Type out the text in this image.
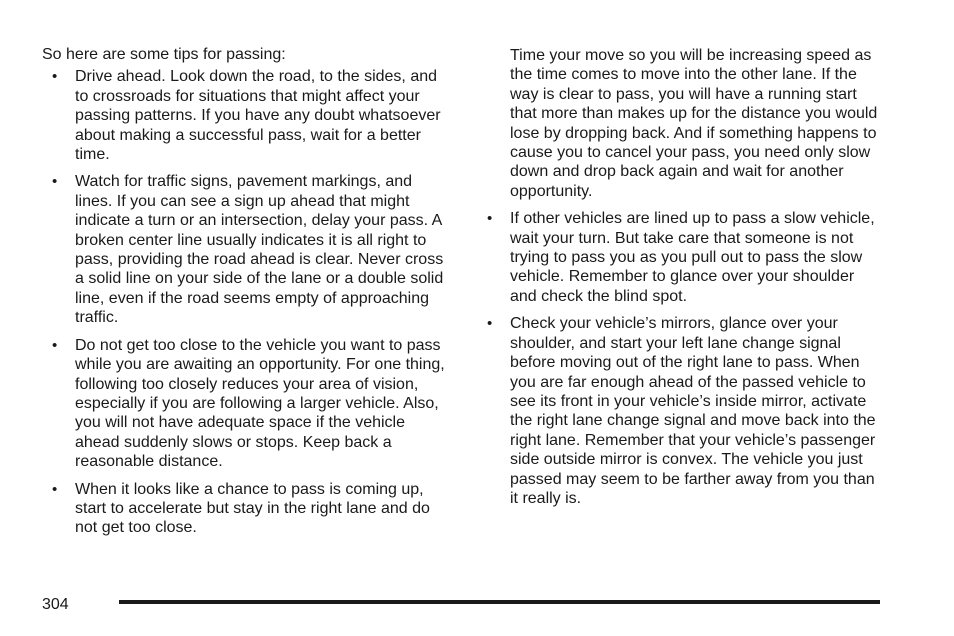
So here are some tips for passing:

• Drive ahead. Look down the road, to the sides, and to crossroads for situations that might affect your passing patterns. If you have any doubt whatsoever about making a successful pass, wait for a better time.
• Watch for traffic signs, pavement markings, and lines. If you can see a sign up ahead that might indicate a turn or an intersection, delay your pass. A broken center line usually indicates it is all right to pass, providing the road ahead is clear. Never cross a solid line on your side of the lane or a double solid line, even if the road seems empty of approaching traffic.
• Do not get too close to the vehicle you want to pass while you are awaiting an opportunity. For one thing, following too closely reduces your area of vision, especially if you are following a larger vehicle. Also, you will not have adequate space if the vehicle ahead suddenly slows or stops. Keep back a reasonable distance.
• When it looks like a chance to pass is coming up, start to accelerate but stay in the right lane and do not get too close.

Time your move so you will be increasing speed as the time comes to move into the other lane. If the way is clear to pass, you will have a running start that more than makes up for the distance you would lose by dropping back. And if something happens to cause you to cancel your pass, you need only slow down and drop back again and wait for another opportunity.

• If other vehicles are lined up to pass a slow vehicle, wait your turn. But take care that someone is not trying to pass you as you pull out to pass the slow vehicle. Remember to glance over your shoulder and check the blind spot.
• Check your vehicle’s mirrors, glance over your shoulder, and start your left lane change signal before moving out of the right lane to pass. When you are far enough ahead of the passed vehicle to see its front in your vehicle’s inside mirror, activate the right lane change signal and move back into the right lane. Remember that your vehicle’s passenger side outside mirror is convex. The vehicle you just passed may seem to be farther away from you than it really is.
304
